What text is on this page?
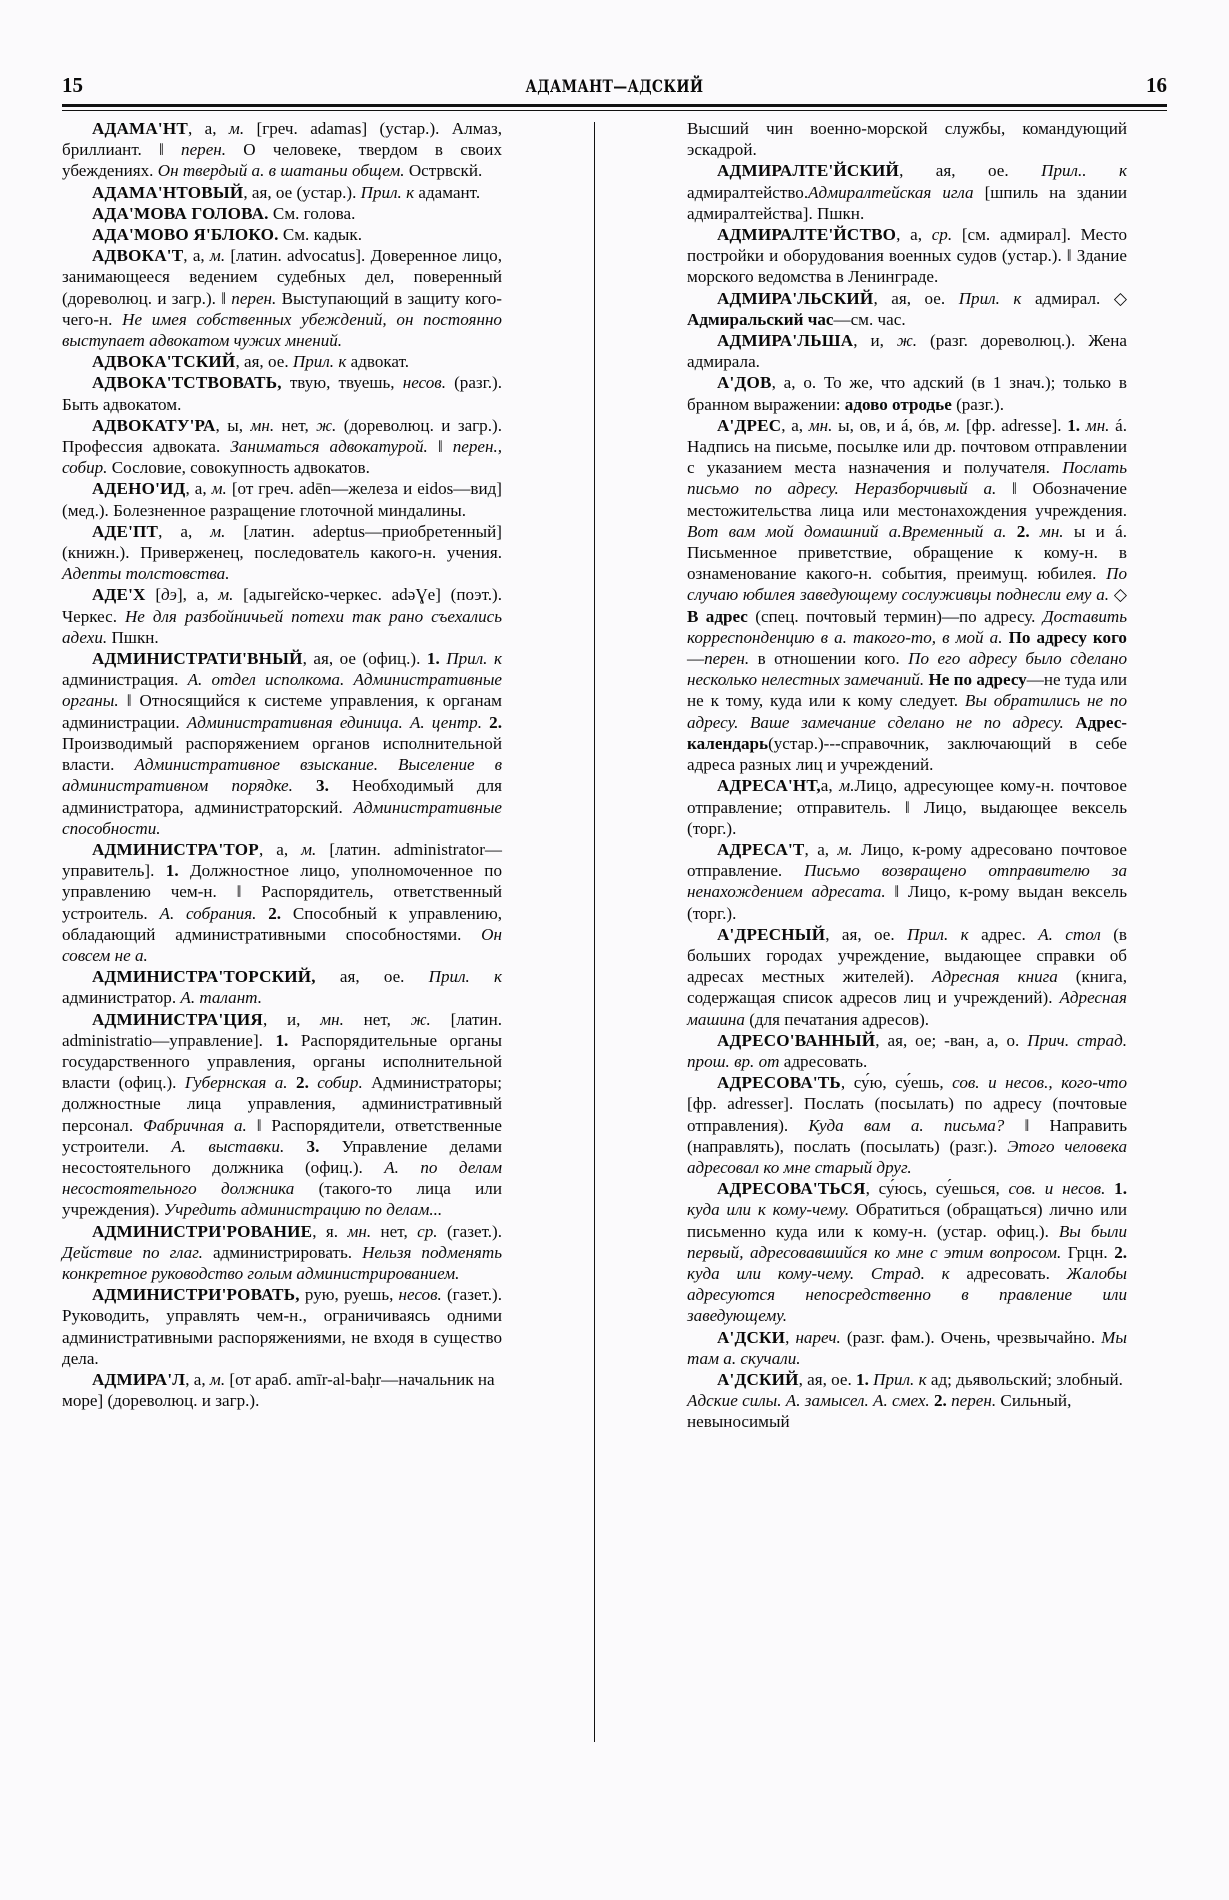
15	АДАМАНТ—АДСКИЙ	16

АДАМА'НТ, а, м. [греч. adamas] (устар.). Алмаз, бриллиант. ‖ перен. О человеке, твердом в своих убеждениях. Он твердый а. в шатаньи общем. Острвскй.

АДАМА'НТОВЫЙ, ая, ое (устар.). Прил. к адамант.

АДА'МОВА ГОЛОВА. См. голова.

АДА'МОВО Я'БЛОКО. См. кадык.

АДВОКА'Т, а, м. [латин. advocatus]. Доверенное лицо, занимающееся ведением судебных дел, поверенный (дореволюц. и загр.). ‖ перен. Выступающий в защиту кого-чего-н. Не имея собственных убеждений, он постоянно выступает адвокатом чужих мнений.

АДВОКА'ТСКИЙ, ая, ое. Прил. к адвокат.

АДВОКА'ТСТВОВАТЬ, твую, твуешь, несов. (разг.). Быть адвокатом.

АДВОКАТУ'РА, ы, мн. нет, ж. (дореволюц. и загр.). Профессия адвоката. Заниматься адвокатурой. ‖ перен., собир. Сословие, совокупность адвокатов.

АДЕНО'ИД, а, м. [от греч. adēn—железа и eidos—вид] (мед.). Болезненное разращение глоточной миндалины.

АДЕ'ПТ, а, м. [латин. adeptus—приобретенный] (книжн.). Приверженец, последователь какого-н. учения. Адепты толстовства.

АДЕ'Х [дэ], а, м. [адыгейско-черкес. adəƔe] (поэт.). Черкес. Не для разбойничьей потехи так рано съехались адехи. Пшкн.

АДМИНИСТРАТИ'ВНЫЙ, ая, ое (офиц.). 1. Прил. к администрация. А. отдел исполкома. Административные органы. ‖ Относящийся к системе управления, к органам администрации. Административная единица. А. центр. 2. Производимый распоряжением органов исполнительной власти. Административное взыскание. Выселение в административном порядке. 3. Необходимый для администратора, администраторский. Административные способности.

АДМИНИСТРА'ТОР, а, м. [латин. administrator—управитель]. 1. Должностное лицо, уполномоченное по управлению чем-н. ‖ Распорядитель, ответственный устроитель. А. собрания. 2. Способный к управлению, обладающий административными способностями. Он совсем не а.

АДМИНИСТРА'ТОРСКИЙ, ая, ое. Прил. к администратор. А. талант.

АДМИНИСТРА'ЦИЯ, и, мн. нет, ж. [латин. administratio—управление]. 1. Распорядительные органы государственного управления, органы исполнительной власти (офиц.). Губернская а. 2. собир. Администраторы; должностные лица управления, административный персонал. Фабричная а. ‖ Распорядители, ответственные устроители. А. выставки. 3. Управление делами несостоятельного должника (офиц.). А. по делам несостоятельного должника (такого-то лица или учреждения). Учредить администрацию по делам...

АДМИНИСТРИ'РОВАНИЕ, я. мн. нет, ср. (газет.). Действие по глаг. администрировать. Нельзя подменять конкретное руководство голым администрированием.

АДМИНИСТРИ'РОВАТЬ, рую, руешь, несов. (газет.). Руководить, управлять чем-н., ограничиваясь одними административными распоряжениями, не входя в существо дела.

АДМИРА'Л, а, м. [от араб. amīr-al-baḥr—начальник на море] (дореволюц. и загр.).

Высший чин военно-морской службы, командующий эскадрой.

АДМИРАЛТЕ'ЙСКИЙ, ая, ое. Прил.. к адмиралтейство.Адмиралтейская игла [шпиль на здании адмиралтейства]. Пшкн.

АДМИРАЛТЕ'ЙСТВО, а, ср. [см. адмирал]. Место постройки и оборудования военных судов (устар.). ‖ Здание морского ведомства в Ленинграде.

АДМИРА'ЛЬСКИЙ, ая, ое. Прил. к адмирал. ◇ Адмиральский час—см. час.

АДМИРА'ЛЬША, и, ж. (разг. дореволюц.). Жена адмирала.

А'ДОВ, а, о. То же, что адский (в 1 знач.); только в бранном выражении: адово отродье (разг.).

А'ДРЕС, а, мн. ы, ов, и á, óв, м. [фр. adresse]. 1. мн. á. Надпись на письме, посылке или др. почтовом отправлении с указанием места назначения и получателя. Послать письмо по адресу. Неразборчивый а. ‖ Обозначение местожительства лица или местонахождения учреждения. Вот вам мой домашний а.Временный а. 2. мн. ы и á. Письменное приветствие, обращение к кому-н. в ознаменование какого-н. события, преимущ. юбилея. По случаю юбилея заведующему сослуживцы поднесли ему а. ◇ В адрес (спец. почтовый термин)—по адресу. Доставить корреспонденцию в а. такого-то, в мой а. По адресу кого—перен. в отношении кого. По его адресу было сделано несколько нелестных замечаний. Не по адресу—не туда или не к тому, куда или к кому следует. Вы обратились не по адресу. Ваше замечание сделано не по адресу. Адрес-календарь(устар.)---справочник, заключающий в себе адреса разных лиц и учреждений.

АДРЕСА'НТ,а, м.Лицо, адресующее кому-н. почтовое отправление; отправитель. ‖ Лицо, выдающее вексель (торг.).

АДРЕСА'Т, а, м. Лицо, к-рому адресовано почтовое отправление. Письмо возвращено отправителю за ненахождением адресата. ‖ Лицо, к-рому выдан вексель (торг.).

А'ДРЕСНЫЙ, ая, ое. Прил. к адрес. А. стол (в больших городах учреждение, выдающее справки об адресах местных жителей). Адресная книга (книга, содержащая список адресов лиц и учреждений). Адресная машина (для печатания адресов).

АДРЕСО'ВАННЫЙ, ая, ое; -ван, а, о. Прич. страд. прош. вр. от адресовать.

АДРЕСОВА'ТЬ, су́ю, су́ешь, сов. и несов., кого-что [фр. adresser]. Послать (посылать) по адресу (почтовые отправления). Куда вам а. письма? ‖ Направить (направлять), послать (посылать) (разг.). Этого человека адресовал ко мне старый друг.

АДРЕСОВА'ТЬСЯ, су́юсь, су́ешься, сов. и несов. 1. куда или к кому-чему. Обратиться (обращаться) лично или письменно куда или к кому-н. (устар. офиц.). Вы были первый, адресовавшийся ко мне с этим вопросом. Грцн. 2. куда или кому-чему. Страд. к адресовать. Жалобы адресуются непосредственно в правление или заведующему.

А'ДСКИ, нареч. (разг. фам.). Очень, чрезвычайно. Мы там а. скучали.

А'ДСКИЙ, ая, ое. 1. Прил. к ад; дьявольский; злобный. Адские силы. А. замысел. А. смех. 2. перен. Сильный, невыносимый
